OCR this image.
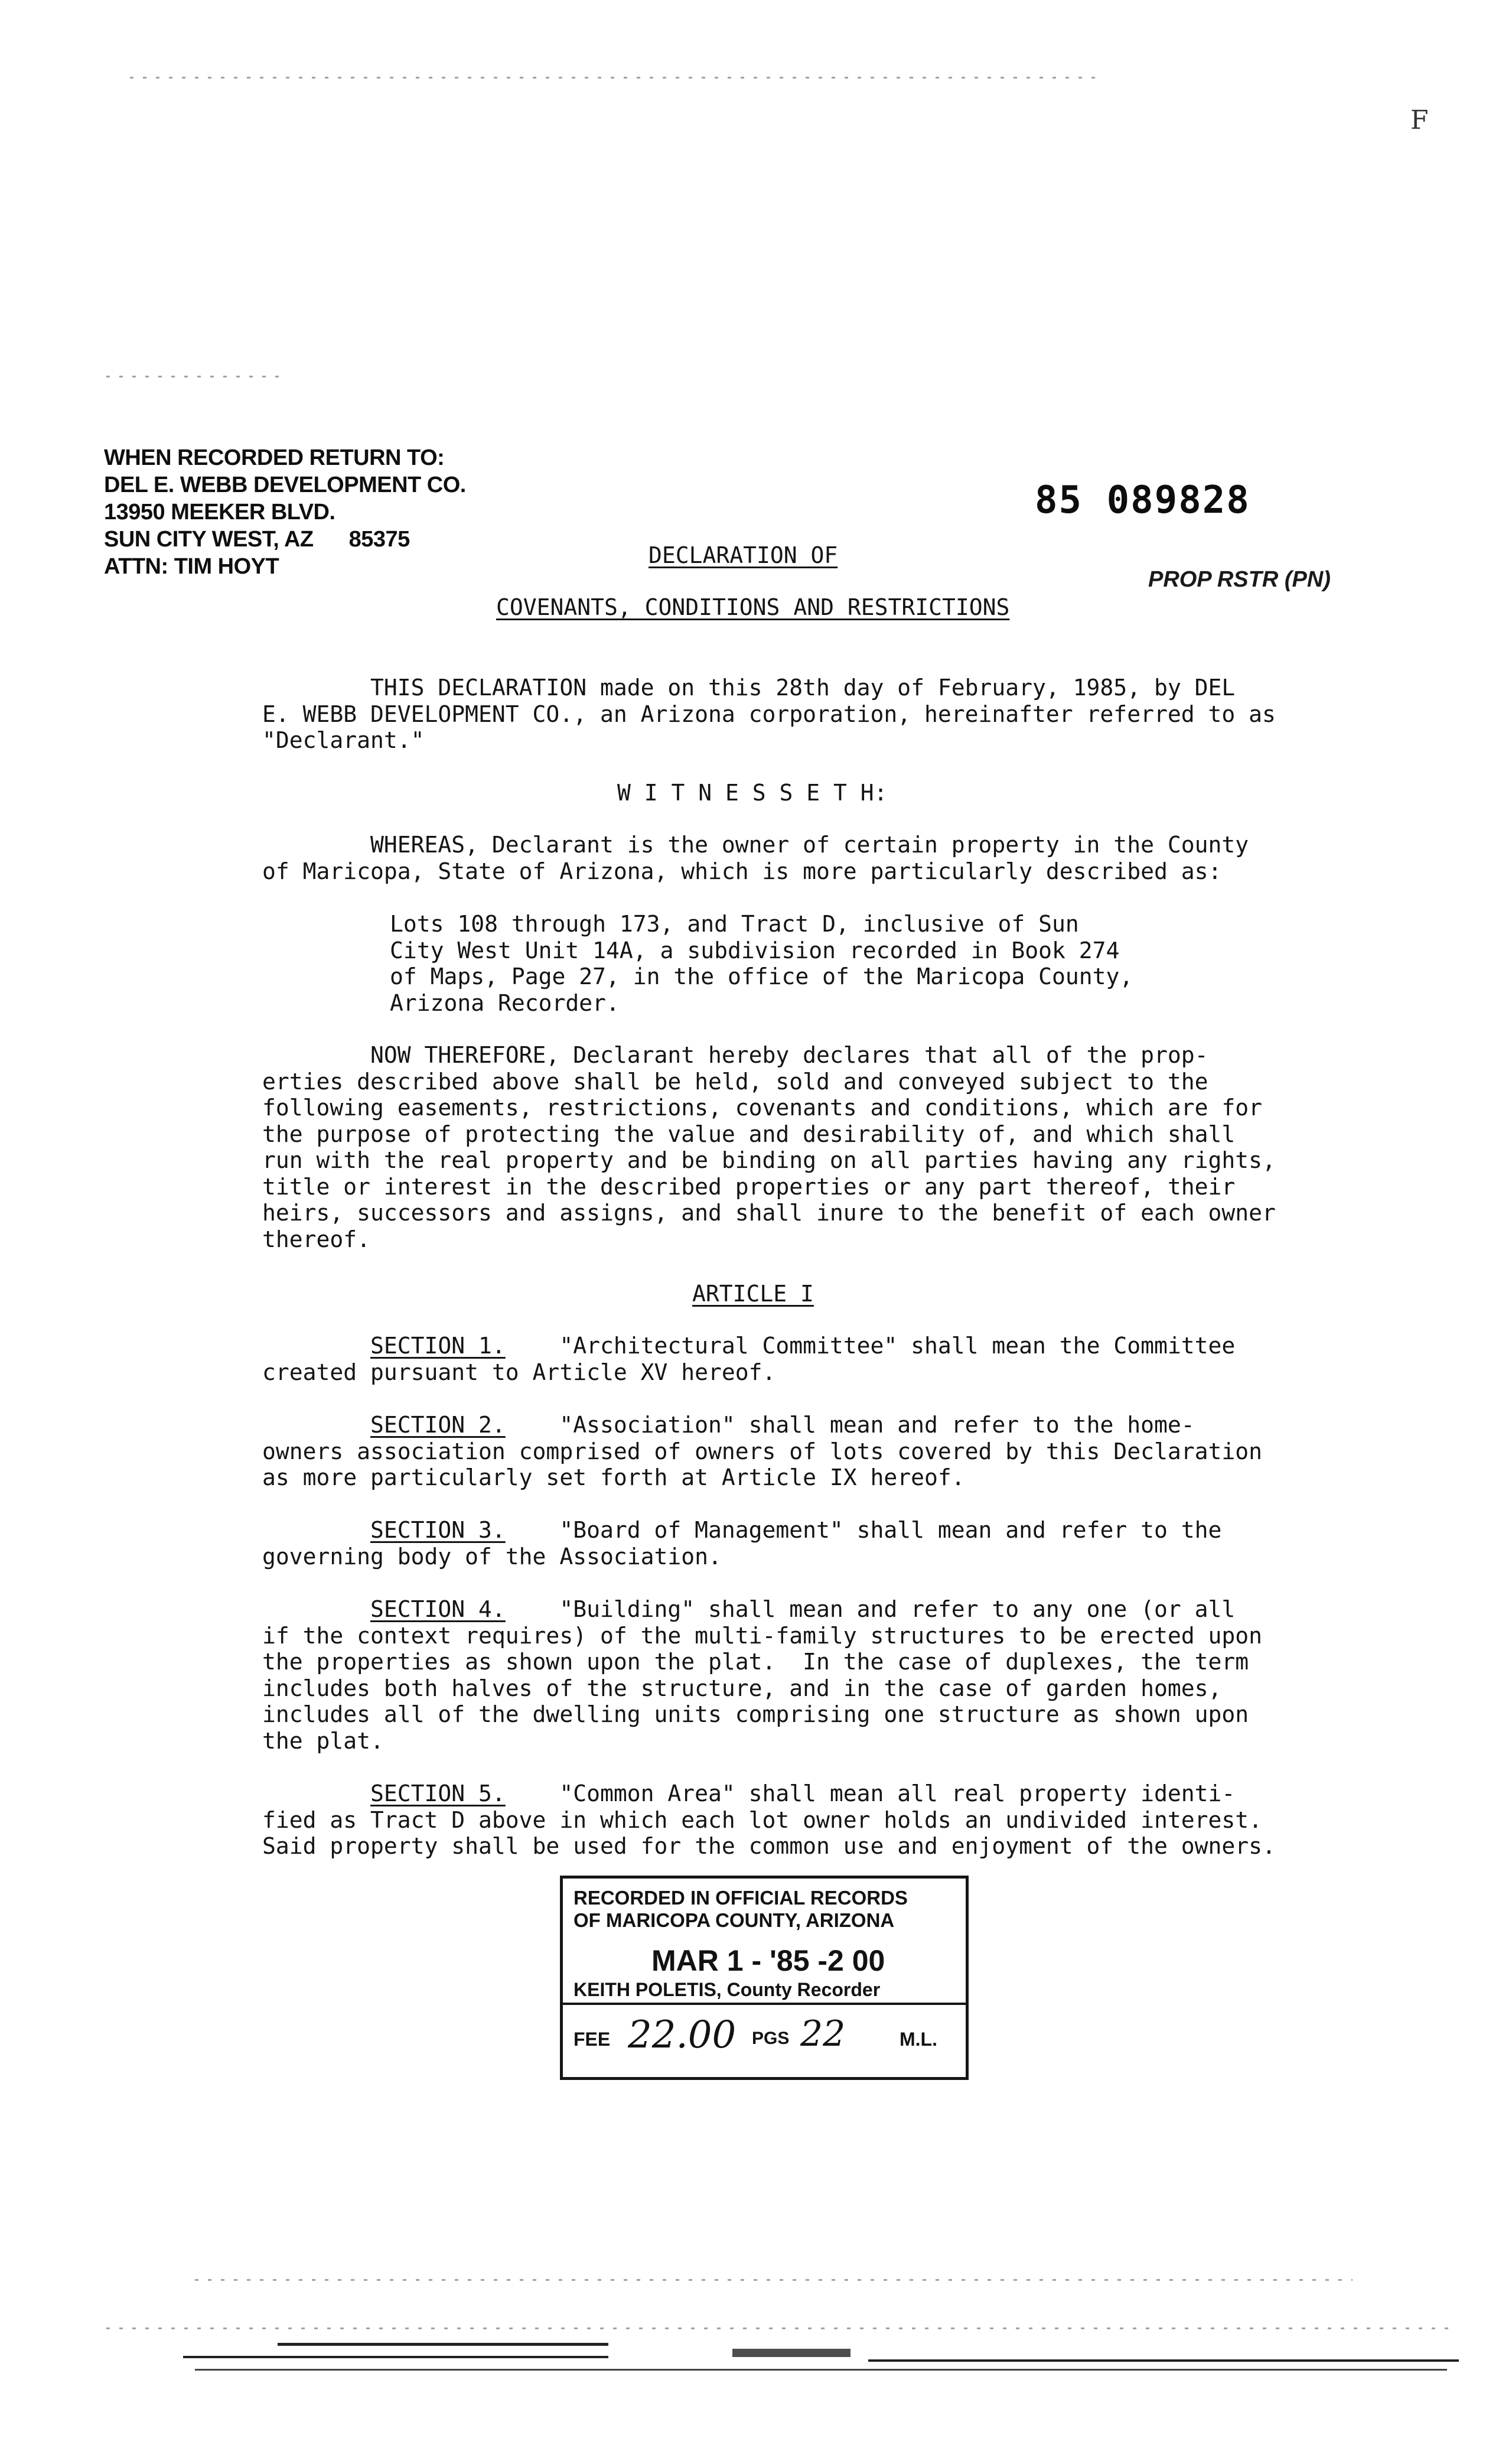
F
WHEN RECORDED RETURN TO:
DEL E. WEBB DEVELOPMENT CO.
13950 MEEKER BLVD.
SUN CITY WEST, AZ 85375
ATTN: TIM HOYT
85 089828
PROP RSTR (PN)
DECLARATION OF
COVENANTS, CONDITIONS AND RESTRICTIONS
THIS DECLARATION made on this 28th day of February, 1985, by DEL
E. WEBB DEVELOPMENT CO., an Arizona corporation, hereinafter referred to as
"Declarant."
W I T N E S S E T H:
WHEREAS, Declarant is the owner of certain property in the County
of Maricopa, State of Arizona, which is more particularly described as:
Lots 108 through 173, and Tract D, inclusive of Sun
City West Unit 14A, a subdivision recorded in Book 274
of Maps, Page 27, in the office of the Maricopa County,
Arizona Recorder.
NOW THEREFORE, Declarant hereby declares that all of the prop-
erties described above shall be held, sold and conveyed subject to the
following easements, restrictions, covenants and conditions, which are for
the purpose of protecting the value and desirability of, and which shall
run with the real property and be binding on all parties having any rights,
title or interest in the described properties or any part thereof, their
heirs, successors and assigns, and shall inure to the benefit of each owner
thereof.
ARTICLE I
SECTION 1.    "Architectural Committee" shall mean the Committee
created pursuant to Article XV hereof.
SECTION 2.    "Association" shall mean and refer to the home-
owners association comprised of owners of lots covered by this Declaration
as more particularly set forth at Article IX hereof.
SECTION 3.    "Board of Management" shall mean and refer to the
governing body of the Association.
SECTION 4.    "Building" shall mean and refer to any one (or all
if the context requires) of the multi-family structures to be erected upon
the properties as shown upon the plat.  In the case of duplexes, the term
includes both halves of the structure, and in the case of garden homes,
includes all of the dwelling units comprising one structure as shown upon
the plat.
SECTION 5.    "Common Area" shall mean all real property identi-
fied as Tract D above in which each lot owner holds an undivided interest.
Said property shall be used for the common use and enjoyment of the owners.
RECORDED IN OFFICIAL RECORDS
OF MARICOPA COUNTY, ARIZONA
MAR 1 - '85 -2 00
KEITH POLETIS, County Recorder
FEE 22.00 PGS 22	M.L.
